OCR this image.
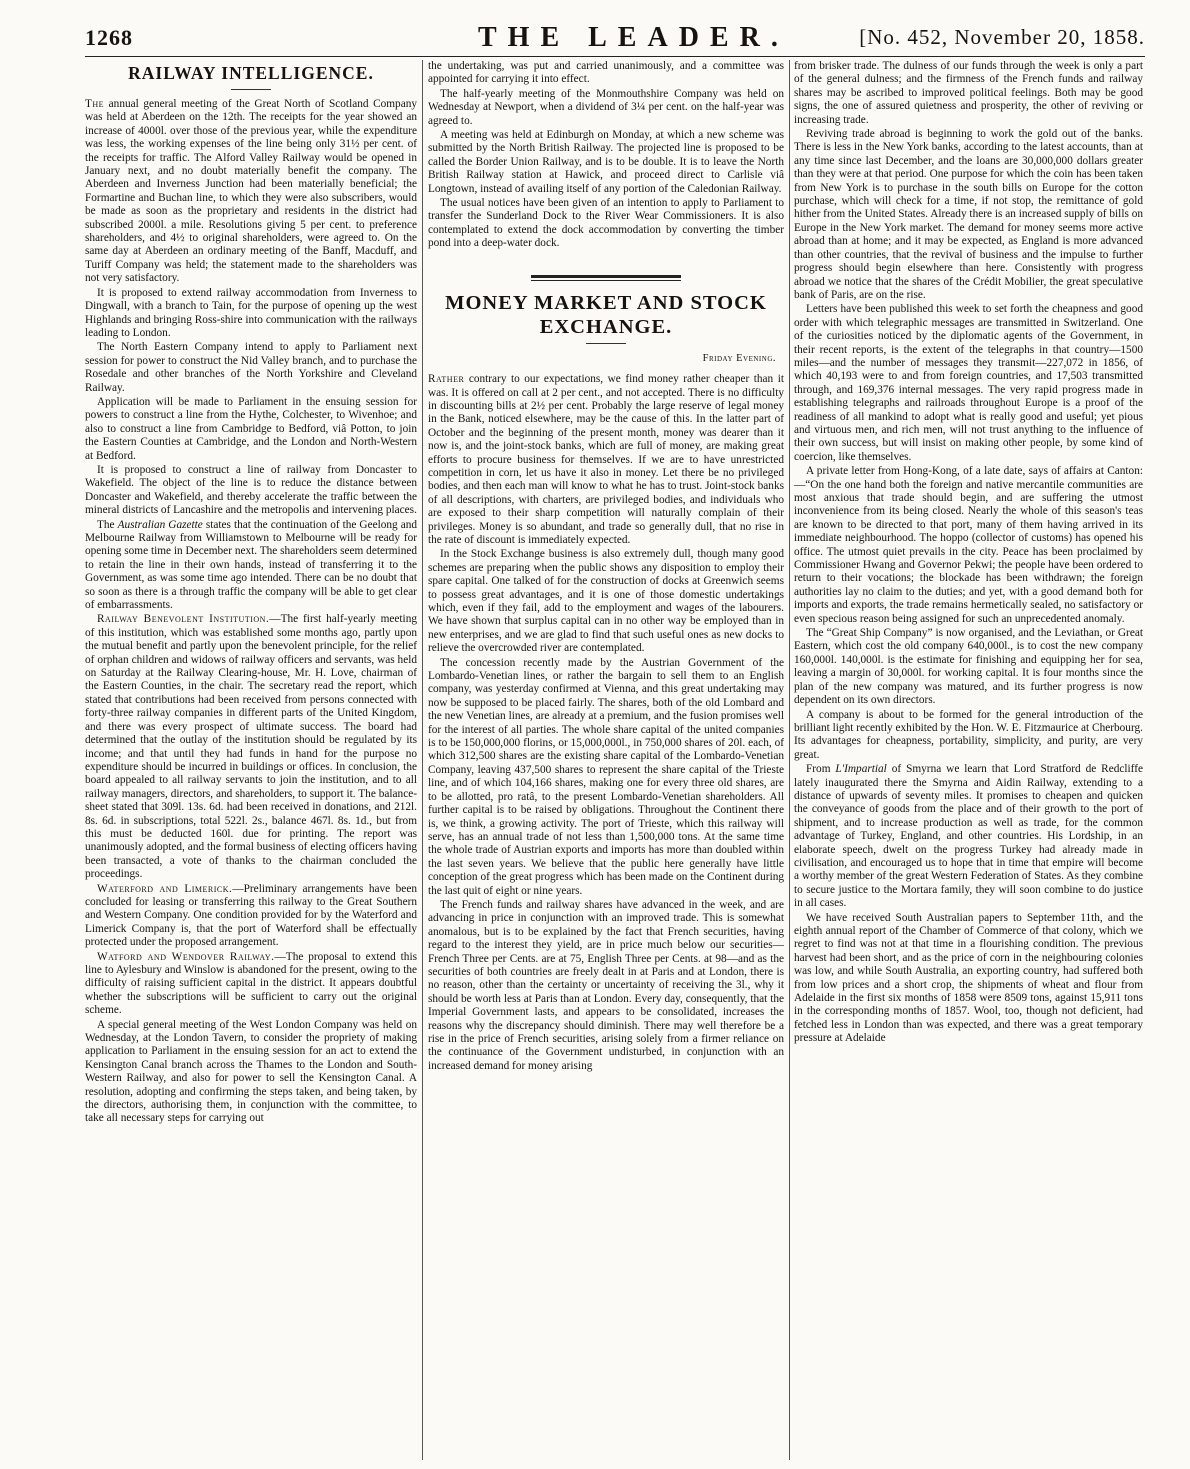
1268	THE LEADER.	[No. 452, November 20, 1858.
RAILWAY INTELLIGENCE.

The annual general meeting of the Great North of Scotland Company was held at Aberdeen on the 12th. The receipts for the year showed an increase of 4000l. over those of the previous year, while the expenditure was less, the working expenses of the line being only 31½ per cent. of the receipts for traffic. The Alford Valley Railway would be opened in January next, and no doubt materially benefit the company. The Aberdeen and Inverness Junction had been materially beneficial; the Formartine and Buchan line, to which they were also subscribers, would be made as soon as the proprietary and residents in the district had subscribed 2000l. a mile. Resolutions giving 5 per cent. to preference shareholders, and 4½ to original shareholders, were agreed to. On the same day at Aberdeen an ordinary meeting of the Banff, Macduff, and Turiff Company was held; the statement made to the shareholders was not very satisfactory.

It is proposed to extend railway accommodation from Inverness to Dingwall, with a branch to Tain, for the purpose of opening up the west Highlands and bringing Ross-shire into communication with the railways leading to London.

The North Eastern Company intend to apply to Parliament next session for power to construct the Nid Valley branch, and to purchase the Rosedale and other branches of the North Yorkshire and Cleveland Railway.

Application will be made to Parliament in the ensuing session for powers to construct a line from the Hythe, Colchester, to Wivenhoe; and also to construct a line from Cambridge to Bedford, viâ Potton, to join the Eastern Counties at Cambridge, and the London and North-Western at Bedford.

It is proposed to construct a line of railway from Doncaster to Wakefield. The object of the line is to reduce the distance between Doncaster and Wakefield, and thereby accelerate the traffic between the mineral districts of Lancashire and the metropolis and intervening places.

The Australian Gazette states that the continuation of the Geelong and Melbourne Railway from Williamstown to Melbourne will be ready for opening some time in December next. The shareholders seem determined to retain the line in their own hands, instead of transferring it to the Government, as was some time ago intended. There can be no doubt that so soon as there is a through traffic the company will be able to get clear of embarrassments.

Railway Benevolent Institution.—The first half-yearly meeting of this institution, which was established some months ago, partly upon the mutual benefit and partly upon the benevolent principle, for the relief of orphan children and widows of railway officers and servants, was held on Saturday at the Railway Clearing-house, Mr. H. Love, chairman of the Eastern Counties, in the chair. The secretary read the report, which stated that contributions had been received from persons connected with forty-three railway companies in different parts of the United Kingdom, and there was every prospect of ultimate success. The board had determined that the outlay of the institution should be regulated by its income; and that until they had funds in hand for the purpose no expenditure should be incurred in buildings or offices. In conclusion, the board appealed to all railway servants to join the institution, and to all railway managers, directors, and shareholders, to support it. The balance-sheet stated that 309l. 13s. 6d. had been received in donations, and 212l. 8s. 6d. in subscriptions, total 522l. 2s., balance 467l. 8s. 1d., but from this must be deducted 160l. due for printing. The report was unanimously adopted, and the formal business of electing officers having been transacted, a vote of thanks to the chairman concluded the proceedings.

Waterford and Limerick.—Preliminary arrangements have been concluded for leasing or transferring this railway to the Great Southern and Western Company. One condition provided for by the Waterford and Limerick Company is, that the port of Waterford shall be effectually protected under the proposed arrangement.

Watford and Wendover Railway.—The proposal to extend this line to Aylesbury and Winslow is abandoned for the present, owing to the difficulty of raising sufficient capital in the district. It appears doubtful whether the subscriptions will be sufficient to carry out the original scheme.

A special general meeting of the West London Company was held on Wednesday, at the London Tavern, to consider the propriety of making application to Parliament in the ensuing session for an act to extend the Kensington Canal branch across the Thames to the London and South-Western Railway, and also for power to sell the Kensington Canal. A resolution, adopting and confirming the steps taken, and being taken, by the directors, authorising them, in conjunction with the committee, to take all necessary steps for carrying out

the undertaking, was put and carried unanimously, and a committee was appointed for carrying it into effect.

The half-yearly meeting of the Monmouthshire Company was held on Wednesday at Newport, when a dividend of 3¼ per cent. on the half-year was agreed to.

A meeting was held at Edinburgh on Monday, at which a new scheme was submitted by the North British Railway. The projected line is proposed to be called the Border Union Railway, and is to be double. It is to leave the North British Railway station at Hawick, and proceed direct to Carlisle viâ Longtown, instead of availing itself of any portion of the Caledonian Railway.

The usual notices have been given of an intention to apply to Parliament to transfer the Sunderland Dock to the River Wear Commissioners. It is also contemplated to extend the dock accommodation by converting the timber pond into a deep-water dock.

MONEY MARKET AND STOCK
EXCHANGE.
Friday Evening.

Rather contrary to our expectations, we find money rather cheaper than it was. It is offered on call at 2 per cent., and not accepted. There is no difficulty in discounting bills at 2½ per cent. Probably the large reserve of legal money in the Bank, noticed elsewhere, may be the cause of this. In the latter part of October and the beginning of the present month, money was dearer than it now is, and the joint-stock banks, which are full of money, are making great efforts to procure business for themselves. If we are to have unrestricted competition in corn, let us have it also in money. Let there be no privileged bodies, and then each man will know to what he has to trust. Joint-stock banks of all descriptions, with charters, are privileged bodies, and individuals who are exposed to their sharp competition will naturally complain of their privileges. Money is so abundant, and trade so generally dull, that no rise in the rate of discount is immediately expected.

In the Stock Exchange business is also extremely dull, though many good schemes are preparing when the public shows any disposition to employ their spare capital. One talked of for the construction of docks at Greenwich seems to possess great advantages, and it is one of those domestic undertakings which, even if they fail, add to the employment and wages of the labourers. We have shown that surplus capital can in no other way be employed than in new enterprises, and we are glad to find that such useful ones as new docks to relieve the overcrowded river are contemplated.

The concession recently made by the Austrian Government of the Lombardo-Venetian lines, or rather the bargain to sell them to an English company, was yesterday confirmed at Vienna, and this great undertaking may now be supposed to be placed fairly. The shares, both of the old Lombard and the new Venetian lines, are already at a premium, and the fusion promises well for the interest of all parties. The whole share capital of the united companies is to be 150,000,000 florins, or 15,000,000l., in 750,000 shares of 20l. each, of which 312,500 shares are the existing share capital of the Lombardo-Venetian Company, leaving 437,500 shares to represent the share capital of the Trieste line, and of which 104,166 shares, making one for every three old shares, are to be allotted, pro ratâ, to the present Lombardo-Venetian shareholders. All further capital is to be raised by obligations. Throughout the Continent there is, we think, a growing activity. The port of Trieste, which this railway will serve, has an annual trade of not less than 1,500,000 tons. At the same time the whole trade of Austrian exports and imports has more than doubled within the last seven years. We believe that the public here generally have little conception of the great progress which has been made on the Continent during the last quit of eight or nine years.

The French funds and railway shares have advanced in the week, and are advancing in price in conjunction with an improved trade. This is somewhat anomalous, but is to be explained by the fact that French securities, having regard to the interest they yield, are in price much below our securities—French Three per Cents. are at 75, English Three per Cents. at 98—and as the securities of both countries are freely dealt in at Paris and at London, there is no reason, other than the certainty or uncertainty of receiving the 3l., why it should be worth less at Paris than at London. Every day, consequently, that the Imperial Government lasts, and appears to be consolidated, increases the reasons why the discrepancy should diminish. There may well therefore be a rise in the price of French securities, arising solely from a firmer reliance on the continuance of the Government undisturbed, in conjunction with an increased demand for money arising

from brisker trade. The dulness of our funds through the week is only a part of the general dulness; and the firmness of the French funds and railway shares may be ascribed to improved political feelings. Both may be good signs, the one of assured quietness and prosperity, the other of reviving or increasing trade.

Reviving trade abroad is beginning to work the gold out of the banks. There is less in the New York banks, according to the latest accounts, than at any time since last December, and the loans are 30,000,000 dollars greater than they were at that period. One purpose for which the coin has been taken from New York is to purchase in the south bills on Europe for the cotton purchase, which will check for a time, if not stop, the remittance of gold hither from the United States. Already there is an increased supply of bills on Europe in the New York market. The demand for money seems more active abroad than at home; and it may be expected, as England is more advanced than other countries, that the revival of business and the impulse to further progress should begin elsewhere than here. Consistently with progress abroad we notice that the shares of the Crédit Mobilier, the great speculative bank of Paris, are on the rise.

Letters have been published this week to set forth the cheapness and good order with which telegraphic messages are transmitted in Switzerland. One of the curiosities noticed by the diplomatic agents of the Government, in their recent reports, is the extent of the telegraphs in that country—1500 miles—and the number of messages they transmit—227,072 in 1856, of which 40,193 were to and from foreign countries, and 17,503 transmitted through, and 169,376 internal messages. The very rapid progress made in establishing telegraphs and railroads throughout Europe is a proof of the readiness of all mankind to adopt what is really good and useful; yet pious and virtuous men, and rich men, will not trust anything to the influence of their own success, but will insist on making other people, by some kind of coercion, like themselves.

A private letter from Hong-Kong, of a late date, says of affairs at Canton:—“On the one hand both the foreign and native mercantile communities are most anxious that trade should begin, and are suffering the utmost inconvenience from its being closed. Nearly the whole of this season's teas are known to be directed to that port, many of them having arrived in its immediate neighbourhood. The hoppo (collector of customs) has opened his office. The utmost quiet prevails in the city. Peace has been proclaimed by Commissioner Hwang and Governor Pekwi; the people have been ordered to return to their vocations; the blockade has been withdrawn; the foreign authorities lay no claim to the duties; and yet, with a good demand both for imports and exports, the trade remains hermetically sealed, no satisfactory or even specious reason being assigned for such an unprecedented anomaly.

The “Great Ship Company” is now organised, and the Leviathan, or Great Eastern, which cost the old company 640,000l., is to cost the new company 160,000l. 140,000l. is the estimate for finishing and equipping her for sea, leaving a margin of 30,000l. for working capital. It is four months since the plan of the new company was matured, and its further progress is now dependent on its own directors.

A company is about to be formed for the general introduction of the brilliant light recently exhibited by the Hon. W. E. Fitzmaurice at Cherbourg. Its advantages for cheapness, portability, simplicity, and purity, are very great.

From L'Impartial of Smyrna we learn that Lord Stratford de Redcliffe lately inaugurated there the Smyrna and Aidin Railway, extending to a distance of upwards of seventy miles. It promises to cheapen and quicken the conveyance of goods from the place and of their growth to the port of shipment, and to increase production as well as trade, for the common advantage of Turkey, England, and other countries. His Lordship, in an elaborate speech, dwelt on the progress Turkey had already made in civilisation, and encouraged us to hope that in time that empire will become a worthy member of the great Western Federation of States. As they combine to secure justice to the Mortara family, they will soon combine to do justice in all cases.

We have received South Australian papers to September 11th, and the eighth annual report of the Chamber of Commerce of that colony, which we regret to find was not at that time in a flourishing condition. The previous harvest had been short, and as the price of corn in the neighbouring colonies was low, and while South Australia, an exporting country, had suffered both from low prices and a short crop, the shipments of wheat and flour from Adelaide in the first six months of 1858 were 8509 tons, against 15,911 tons in the corresponding months of 1857. Wool, too, though not deficient, had fetched less in London than was expected, and there was a great temporary pressure at Adelaide
